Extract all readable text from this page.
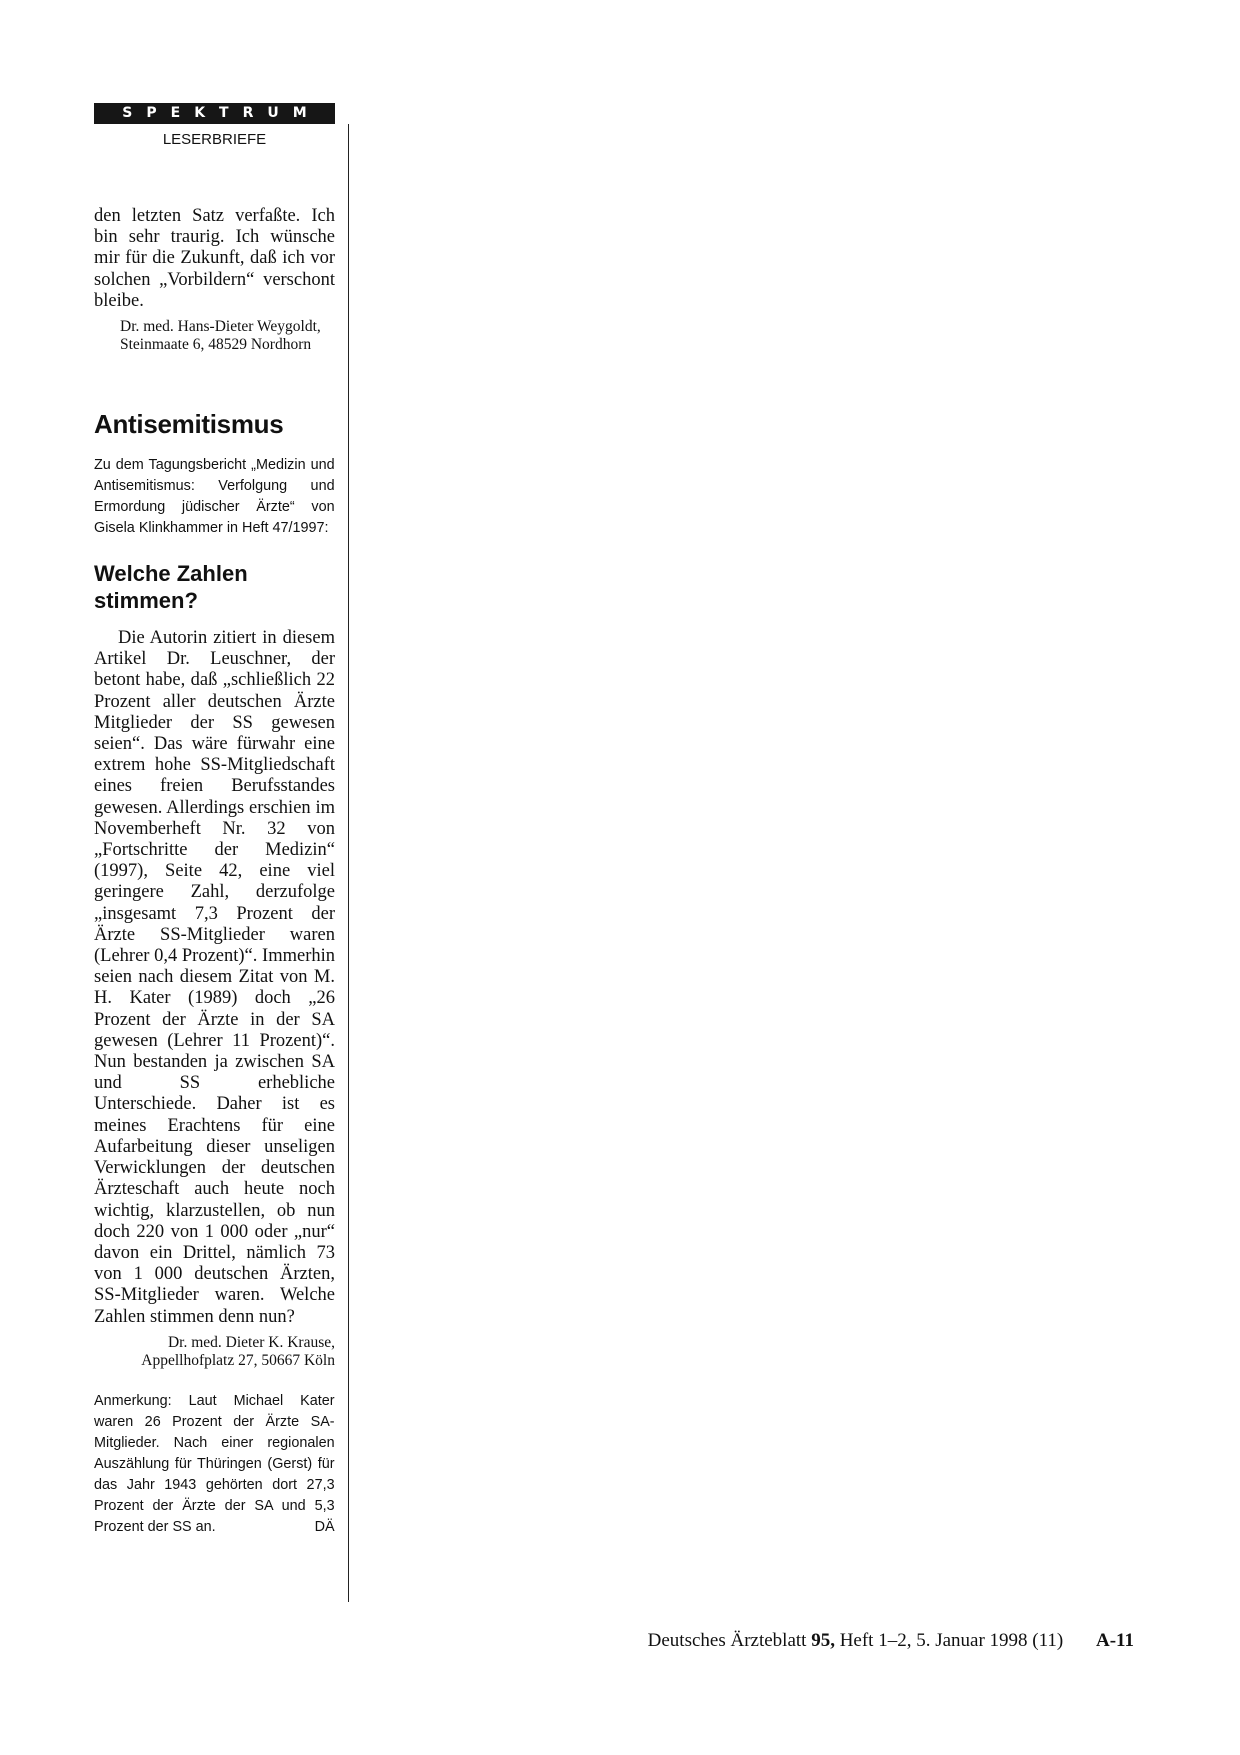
SPEKTRUM
LESERBRIEFE

den letzten Satz verfaßte. Ich bin sehr traurig. Ich wünsche mir für die Zukunft, daß ich vor solchen „Vorbildern“ verschont bleibe.

Dr. med. Hans-Dieter Weygoldt, Steinmaate 6, 48529 Nordhorn

Antisemitismus

Zu dem Tagungsbericht „Medizin und Antisemitismus: Verfolgung und Ermordung jüdischer Ärzte“ von Gisela Klinkhammer in Heft 47/1997:

Welche Zahlen stimmen?

Die Autorin zitiert in diesem Artikel Dr. Leuschner, der betont habe, daß „schließlich 22 Prozent aller deutschen Ärzte Mitglieder der SS gewesen seien“. Das wäre fürwahr eine extrem hohe SS-Mitgliedschaft eines freien Berufsstandes gewesen. Allerdings erschien im Novemberheft Nr. 32 von „Fortschritte der Medizin“ (1997), Seite 42, eine viel geringere Zahl, derzufolge „insgesamt 7,3 Prozent der Ärzte SS-Mitglieder waren (Lehrer 0,4 Prozent)“. Immerhin seien nach diesem Zitat von M. H. Kater (1989) doch „26 Prozent der Ärzte in der SA gewesen (Lehrer 11 Prozent)“. Nun bestanden ja zwischen SA und SS erhebliche Unterschiede. Daher ist es meines Erachtens für eine Aufarbeitung dieser unseligen Verwicklungen der deutschen Ärzteschaft auch heute noch wichtig, klarzustellen, ob nun doch 220 von 1 000 oder „nur“ davon ein Drittel, nämlich 73 von 1 000 deutschen Ärzten, SS-Mitglieder waren. Welche Zahlen stimmen denn nun?

Dr. med. Dieter K. Krause, Appellhofplatz 27, 50667 Köln

Anmerkung: Laut Michael Kater waren 26 Prozent der Ärzte SA-Mitglieder. Nach einer regionalen Auszählung für Thüringen (Gerst) für das Jahr 1943 gehörten dort 27,3 Prozent der Ärzte der SA und 5,3 Prozent der SS an.	DÄ

Deutsches Ärzteblatt 95, Heft 1–2, 5. Januar 1998 (11) A-11
